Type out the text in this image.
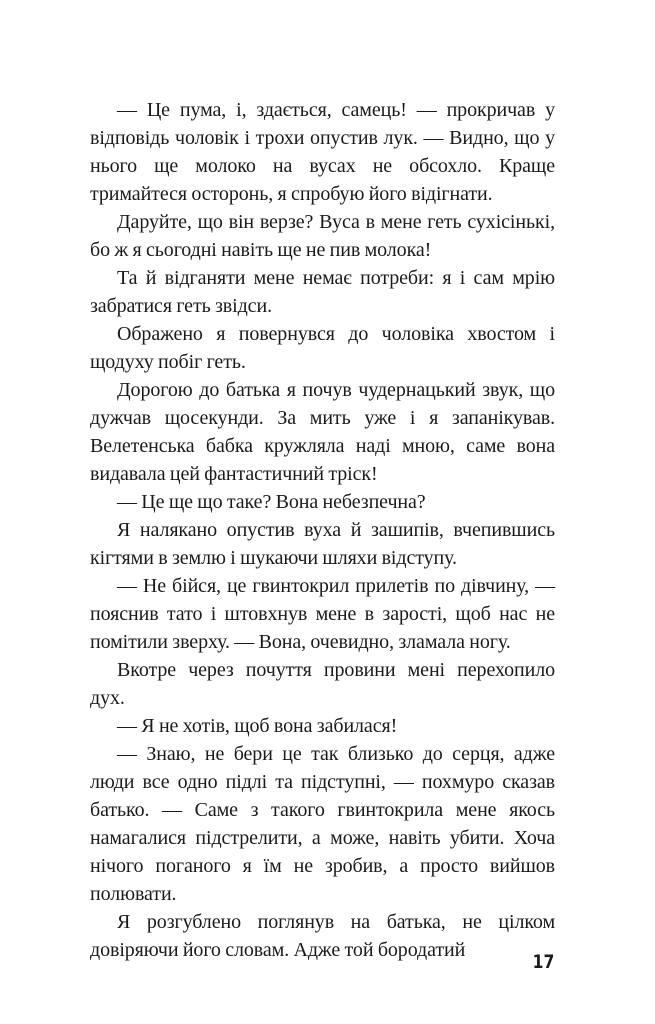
— Це пума, і, здається, самець! — прокричав у відповідь чоловік і трохи опустив лук. — Видно, що у нього ще молоко на вусах не обсохло. Краще тримайтеся осторонь, я спробую його відігнати.

Даруйте, що він верзе? Вуса в мене геть сухісінькі, бо ж я сьогодні навіть ще не пив молока!

Та й відганяти мене немає потреби: я і сам мрію забратися геть звідси.

Ображено я повернувся до чоловіка хвостом і щодуху побіг геть.

Дорогою до батька я почув чудернацький звук, що дужчав щосекунди. За мить уже і я запанікував. Велетенська бабка кружляла наді мною, саме вона видавала цей фантастичний тріск!

— Це ще що таке? Вона небезпечна?

Я налякано опустив вуха й зашипів, вчепившись кігтями в землю і шукаючи шляхи відступу.

— Не бійся, це гвинтокрил прилетів по дівчину, — пояснив тато і штовхнув мене в зарості, щоб нас не помітили зверху. — Вона, очевидно, зламала ногу.

Вкотре через почуття провини мені перехопило дух.

— Я не хотів, щоб вона забилася!

— Знаю, не бери це так близько до серця, адже люди все одно підлі та підступні, — похмуро сказав батько. — Саме з такого гвинтокрила мене якось намагалися підстрелити, а може, навіть убити. Хоча нічого поганого я їм не зробив, а просто вийшов полювати.

Я розгублено поглянув на батька, не цілком довіряючи його словам. Адже той бородатий

17
